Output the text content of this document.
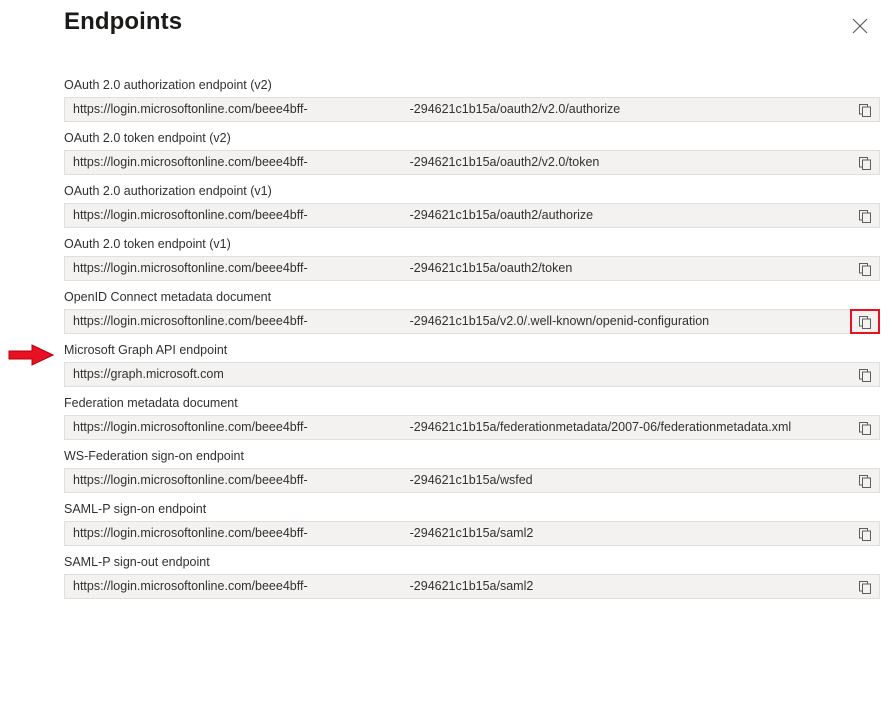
Endpoints
OAuth 2.0 authorization endpoint (v2)
https://login.microsoftonline.com/beee4bff-	-294621c1b15a/oauth2/v2.0/authorize
OAuth 2.0 token endpoint (v2)
https://login.microsoftonline.com/beee4bff-	-294621c1b15a/oauth2/v2.0/token
OAuth 2.0 authorization endpoint (v1)
https://login.microsoftonline.com/beee4bff-	-294621c1b15a/oauth2/authorize
OAuth 2.0 token endpoint (v1)
https://login.microsoftonline.com/beee4bff-	-294621c1b15a/oauth2/token
OpenID Connect metadata document
https://login.microsoftonline.com/beee4bff-	-294621c1b15a/v2.0/.well-known/openid-configuration
Microsoft Graph API endpoint
https://graph.microsoft.com
Federation metadata document
https://login.microsoftonline.com/beee4bff-	-294621c1b15a/federationmetadata/2007-06/federationmetadata.xml
WS-Federation sign-on endpoint
https://login.microsoftonline.com/beee4bff-	-294621c1b15a/wsfed
SAML-P sign-on endpoint
https://login.microsoftonline.com/beee4bff-	-294621c1b15a/saml2
SAML-P sign-out endpoint
https://login.microsoftonline.com/beee4bff-	-294621c1b15a/saml2
